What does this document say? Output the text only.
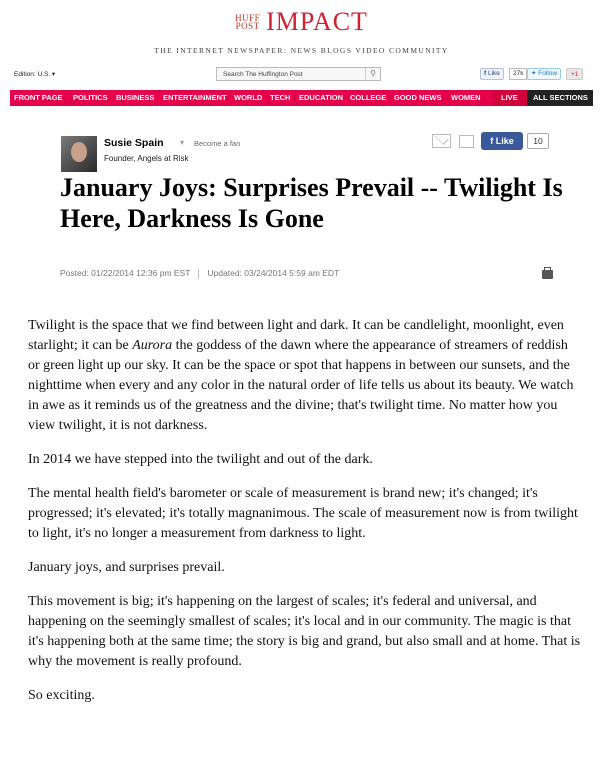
HUFF
POST IMPACT
THE INTERNET NEWSPAPER: NEWS BLOGS VIDEO COMMUNITY
Edition: U.S. ▾	Search The Huffington Post	⚲	f Like	27k	✦ Follow	+1
FRONT PAGE POLITICS BUSINESS ENTERTAINMENT WORLD TECH EDUCATION COLLEGE GOOD NEWS WOMEN	LIVE ALL SECTIONS
Susie Spain ▾ Become a fan
Founder, Angels at Risk
f Like	10
January Joys: Surprises Prevail -- Twilight Is Here, Darkness Is Gone
Posted: 01/22/2014 12:36 pm EST Updated: 03/24/2014 5:59 am EDT

Twilight is the space that we find between light and dark. It can be candlelight, moonlight, even starlight; it can be Aurora the goddess of the dawn where the appearance of streamers of reddish or green light up our sky. It can be the space or spot that happens in between our sunsets, and the nighttime when every and any color in the natural order of life tells us about its beauty. We watch in awe as it reminds us of the greatness and the divine; that's twilight time. No matter how you view twilight, it is not darkness.

In 2014 we have stepped into the twilight and out of the dark.

The mental health field's barometer or scale of measurement is brand new; it's changed; it's progressed; it's elevated; it's totally magnanimous. The scale of measurement now is from twilight to light, it's no longer a measurement from darkness to light.

January joys, and surprises prevail.

This movement is big; it's happening on the largest of scales; it's federal and universal, and happening on the seemingly smallest of scales; it's local and in our community. The magic is that it's happening both at the same time; the story is big and grand, but also small and at home. That is why the movement is really profound.

So exciting.
